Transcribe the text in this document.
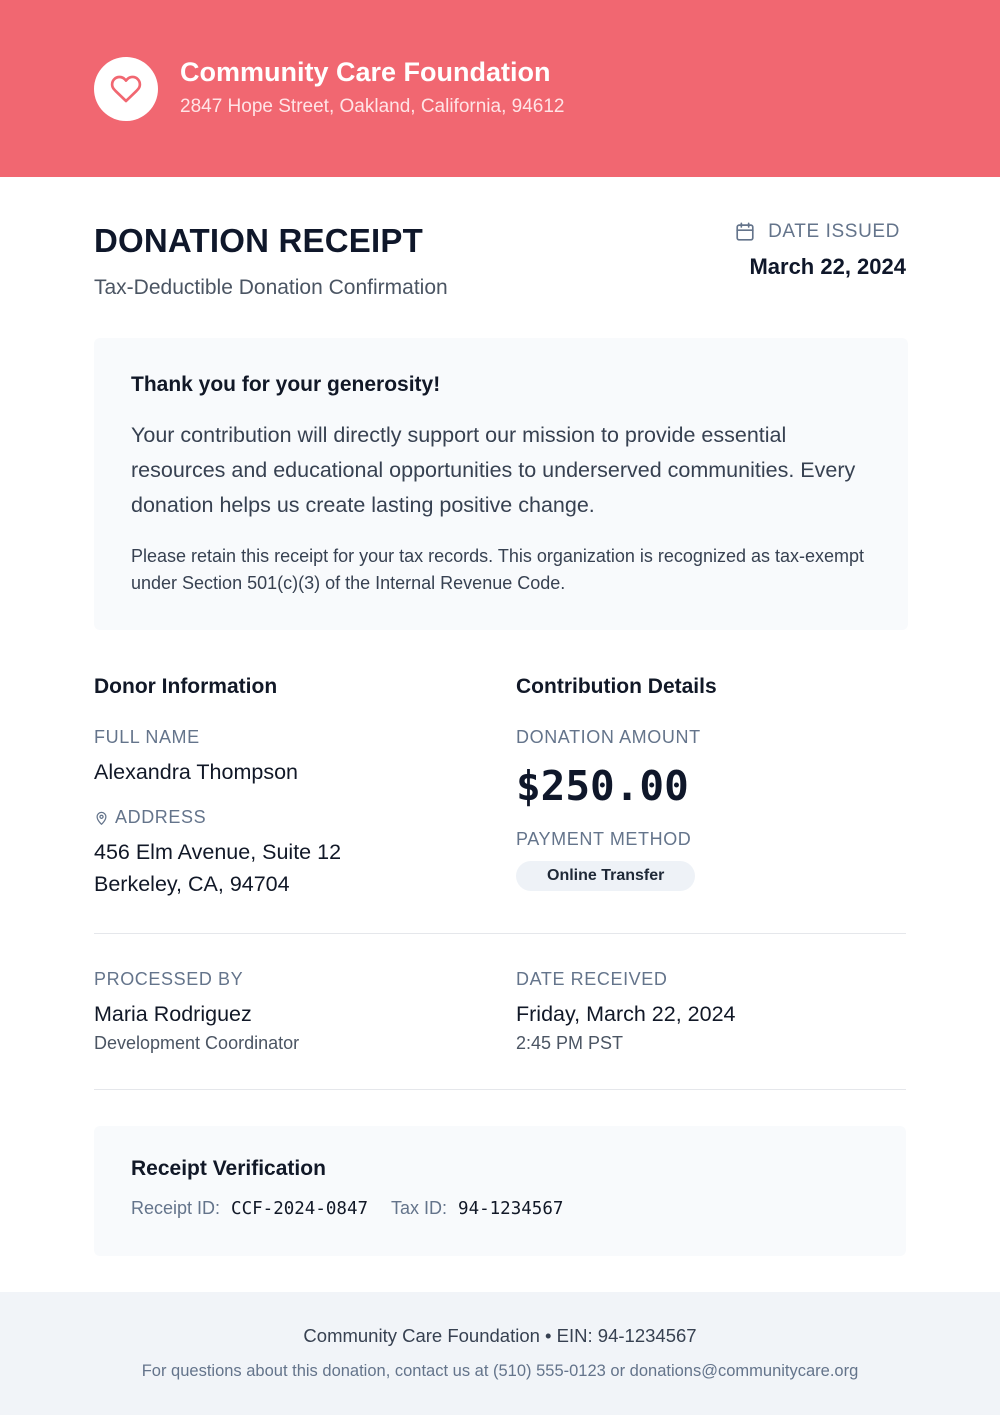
Community Care Foundation
2847 Hope Street, Oakland, California, 94612
DONATION RECEIPT
Tax-Deductible Donation Confirmation
DATE ISSUED
March 22, 2024
Thank you for your generosity!
Your contribution will directly support our mission to provide essential resources and educational opportunities to underserved communities. Every donation helps us create lasting positive change.
Please retain this receipt for your tax records. This organization is recognized as tax-exempt under Section 501(c)(3) of the Internal Revenue Code.
Donor Information
FULL NAME
Alexandra Thompson
ADDRESS
456 Elm Avenue, Suite 12
Berkeley, CA, 94704
Contribution Details
DONATION AMOUNT
$250.00
PAYMENT METHOD
Online Transfer
PROCESSED BY
Maria Rodriguez
Development Coordinator
DATE RECEIVED
Friday, March 22, 2024
2:45 PM PST
Receipt Verification
Receipt ID: CCF-2024-0847 Tax ID: 94-1234567
Community Care Foundation • EIN: 94-1234567
For questions about this donation, contact us at (510) 555-0123 or donations@communitycare.org
